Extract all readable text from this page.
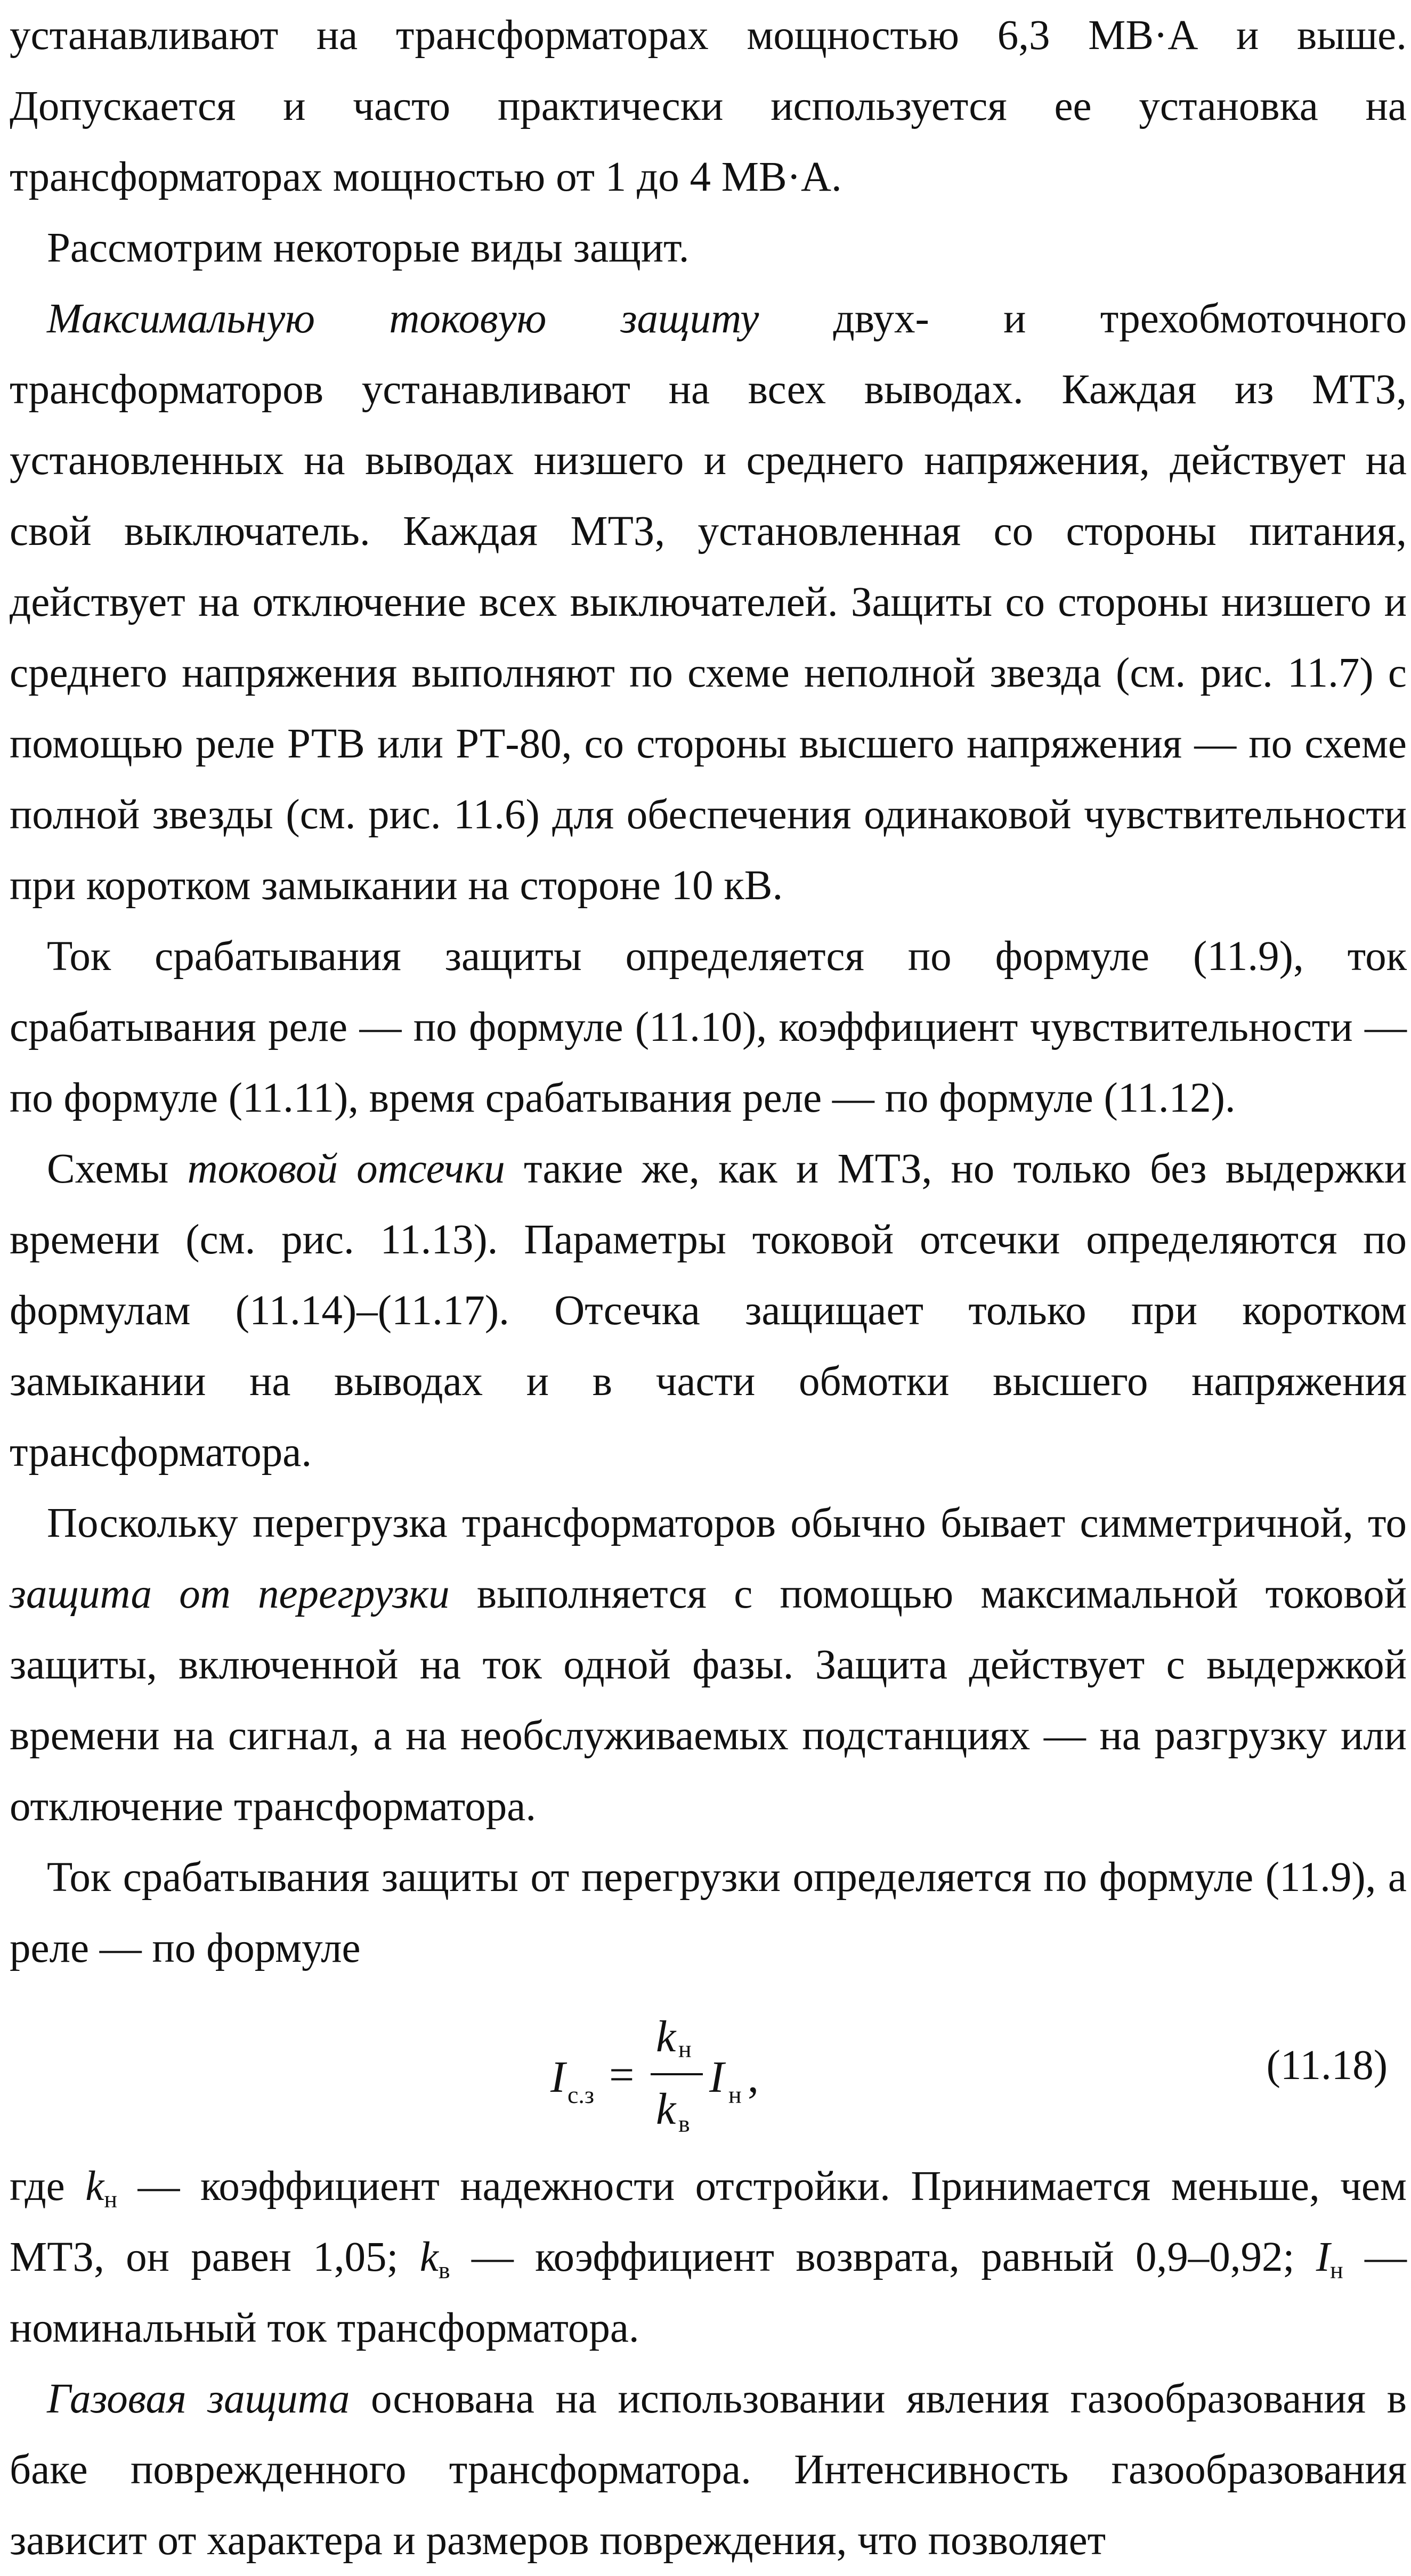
устанавливают на трансформаторах мощностью 6,3 МВ·А и выше. Допускается и часто практически используется ее установка на трансформаторах мощностью от 1 до 4 МВ·А.

Рассмотрим некоторые виды защит.

Максимальную токовую защиту двух- и трехобмоточного трансформаторов устанавливают на всех выводах. Каждая из МТЗ, установленных на выводах низшего и среднего напряжения, действует на свой выключатель. Каждая МТЗ, установленная со стороны питания, действует на отключение всех выключателей. Защиты со стороны низшего и среднего напряжения выполняют по схеме неполной звезда (см. рис. 11.7) с помощью реле РТВ или РТ-80, со стороны высшего напряжения — по схеме полной звезды (см. рис. 11.6) для обеспечения одинаковой чувствительности при коротком замыкании на стороне 10 кВ.

Ток срабатывания защиты определяется по формуле (11.9), ток срабатывания реле — по формуле (11.10), коэффициент чувствительности — по формуле (11.11), время срабатывания реле — по формуле (11.12).

Схемы токовой отсечки такие же, как и МТЗ, но только без выдержки времени (см. рис. 11.13). Параметры токовой отсечки определяются по формулам (11.14)–(11.17). Отсечка защищает только при коротком замыкании на выводах и в части обмотки высшего напряжения трансформатора.

Поскольку перегрузка трансформаторов обычно бывает симметричной, то защита от перегрузки выполняется с помощью максимальной токовой защиты, включенной на ток одной фазы. Защита действует с выдержкой времени на сигнал, а на необслуживаемых подстанциях — на разгрузку или отключение трансформатора.

Ток срабатывания защиты от перегрузки определяется по формуле (11.9), а реле — по формуле

I с.з =
k н
k в
I н ,	(11.18)

где $k_н$ — коэффициент надежности отстройки. Принимается меньше, чем МТЗ, он равен 1,05; $k_в$ — коэффициент возврата, равный 0,9–0,92; $I_н$ — номинальный ток трансформатора.

Газовая защита основана на использовании явления газообразования в баке поврежденного трансформатора. Интенсивность газообразования зависит от характера и размеров повреждения, что позволяет
